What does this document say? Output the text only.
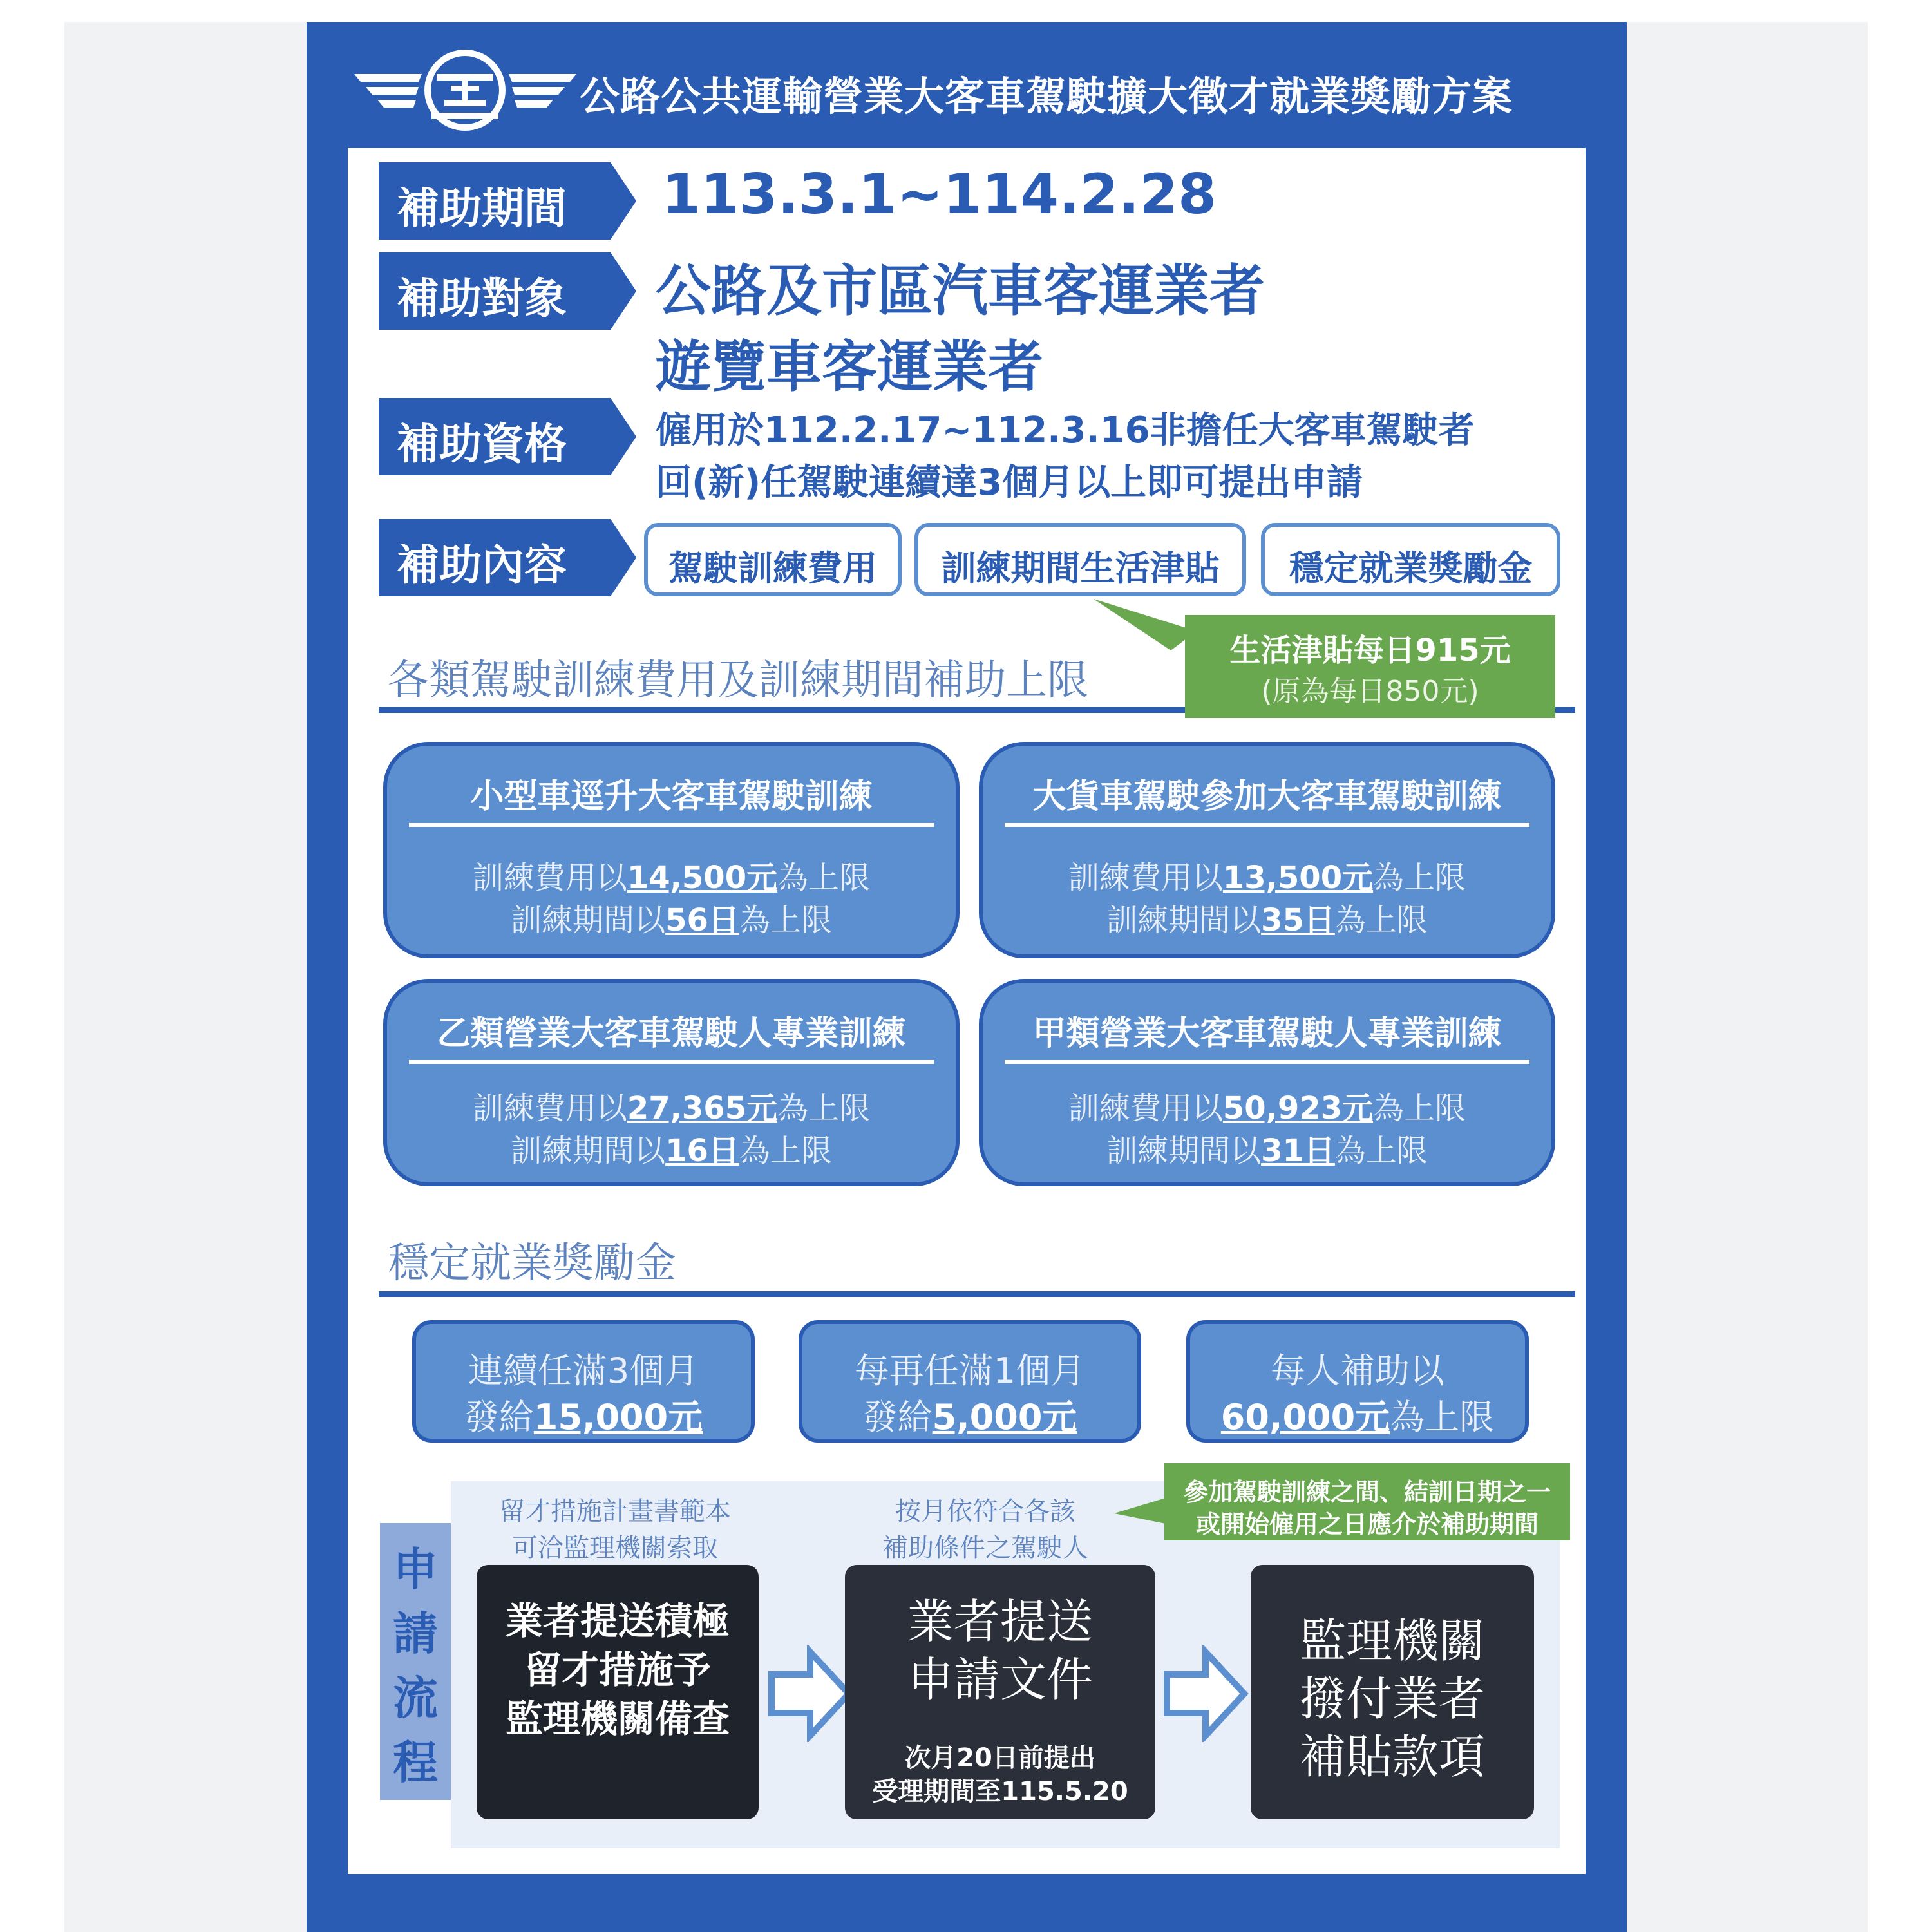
公路公共運輸營業大客車駕駛擴大徵才就業獎勵方案
補助期間 113.3.1~114.2.28
補助對象 公路及市區汽車客運業者
遊覽車客運業者
補助資格 僱用於112.2.17~112.3.16非擔任大客車駕駛者
回(新)任駕駛連續達3個月以上即可提出申請
補助內容	駕駛訓練費用	訓練期間生活津貼	穩定就業獎勵金
各類駕駛訓練費用及訓練期間補助上限
生活津貼每日915元
(原為每日850元)
小型車逕升大客車駕駛訓練
訓練費用以14,500元為上限
訓練期間以56日為上限
大貨車駕駛參加大客車駕駛訓練
訓練費用以13,500元為上限
訓練期間以35日為上限
乙類營業大客車駕駛人專業訓練
訓練費用以27,365元為上限
訓練期間以16日為上限
甲類營業大客車駕駛人專業訓練
訓練費用以50,923元為上限
訓練期間以31日為上限
穩定就業獎勵金
連續任滿3個月
發給15,000元
每再任滿1個月
發給5,000元
每人補助以
60,000元為上限
申
請
流
程
留才措施計畫書範本
可洽監理機關索取
按月依符合各該
補助條件之駕駛人
參加駕駛訓練之間、結訓日期之一
或開始僱用之日應介於補助期間
業者提送積極
留才措施予
監理機關備查
業者提送
申請文件
次月20日前提出
受理期間至115.5.20
監理機關
撥付業者
補貼款項
